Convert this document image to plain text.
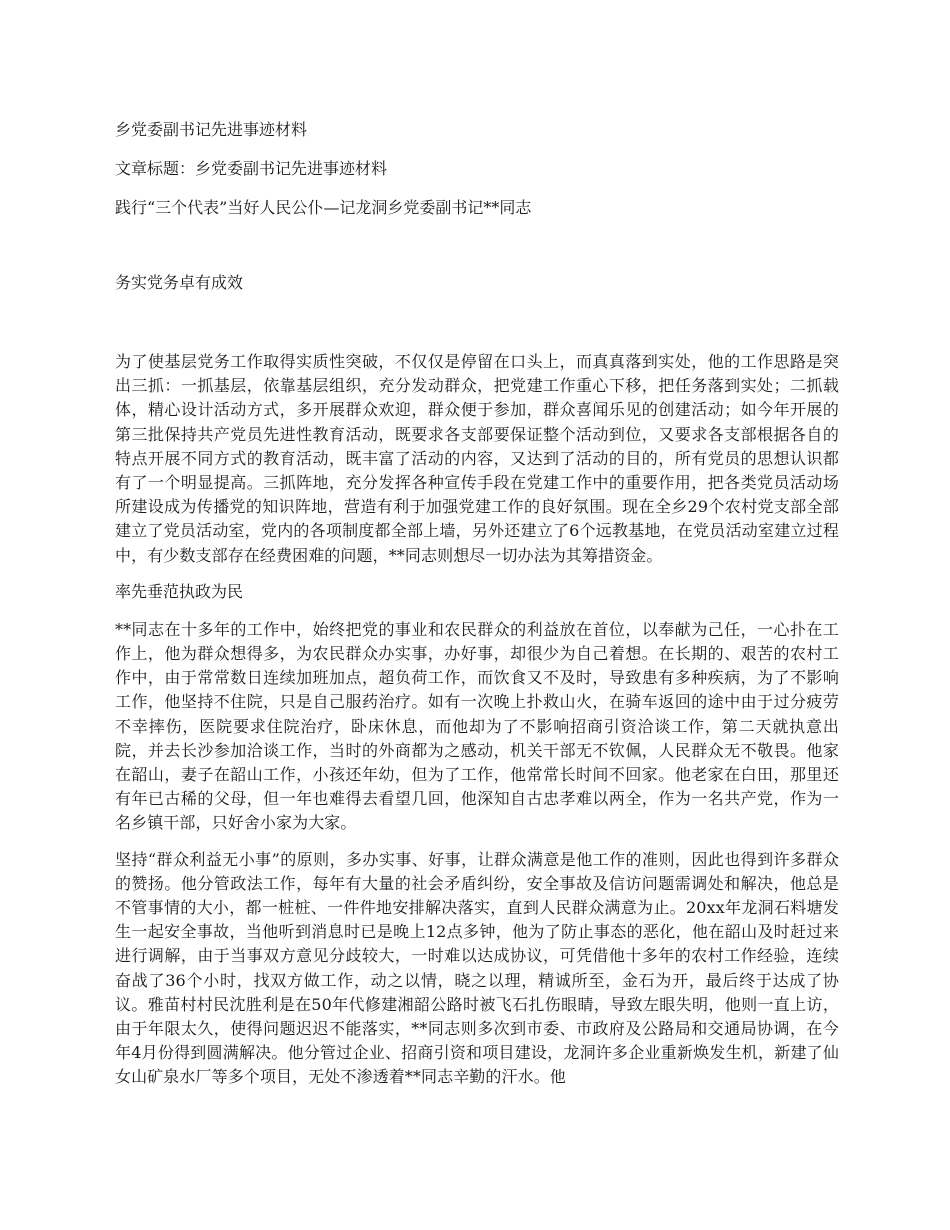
乡党委副书记先进事迹材料

文章标题：乡党委副书记先进事迹材料

践行“三个代表”当好人民公仆—记龙洞乡党委副书记**同志

务实党务卓有成效

为了使基层党务工作取得实质性突破，不仅仅是停留在口头上，而真真落到实处，他的工作思路是突出三抓：一抓基层，依靠基层组织，充分发动群众，把党建工作重心下移，把任务落到实处；二抓载体，精心设计活动方式，多开展群众欢迎，群众便于参加，群众喜闻乐见的创建活动；如今年开展的第三批保持共产党员先进性教育活动，既要求各支部要保证整个活动到位，又要求各支部根据各自的特点开展不同方式的教育活动，既丰富了活动的内容，又达到了活动的目的，所有党员的思想认识都有了一个明显提高。三抓阵地，充分发挥各种宣传手段在党建工作中的重要作用，把各类党员活动场所建设成为传播党的知识阵地，营造有利于加强党建工作的良好氛围。现在全乡29个农村党支部全部建立了党员活动室，党内的各项制度都全部上墙，另外还建立了6个远教基地，在党员活动室建立过程中，有少数支部存在经费困难的问题，**同志则想尽一切办法为其筹措资金。

率先垂范执政为民

**同志在十多年的工作中，始终把党的事业和农民群众的利益放在首位，以奉献为己任，一心扑在工作上，他为群众想得多，为农民群众办实事，办好事，却很少为自己着想。在长期的、艰苦的农村工作中，由于常常数日连续加班加点，超负荷工作，而饮食又不及时，导致患有多种疾病，为了不影响工作，他坚持不住院，只是自己服药治疗。如有一次晚上扑救山火，在骑车返回的途中由于过分疲劳不幸摔伤，医院要求住院治疗，卧床休息，而他却为了不影响招商引资洽谈工作，第二天就执意出院，并去长沙参加洽谈工作，当时的外商都为之感动，机关干部无不钦佩，人民群众无不敬畏。他家在韶山，妻子在韶山工作，小孩还年幼，但为了工作，他常常长时间不回家。他老家在白田，那里还有年已古稀的父母，但一年也难得去看望几回，他深知自古忠孝难以两全，作为一名共产党，作为一名乡镇干部，只好舍小家为大家。

坚持“群众利益无小事”的原则，多办实事、好事，让群众满意是他工作的准则，因此也得到许多群众的赞扬。他分管政法工作，每年有大量的社会矛盾纠纷，安全事故及信访问题需调处和解决，他总是不管事情的大小，都一桩桩、一件件地安排解决落实，直到人民群众满意为止。20xx年龙洞石料塘发生一起安全事故，当他听到消息时已是晚上12点多钟，他为了防止事态的恶化，他在韶山及时赶过来进行调解，由于当事双方意见分歧较大，一时难以达成协议，可凭借他十多年的农村工作经验，连续奋战了36个小时，找双方做工作，动之以情，晓之以理，精诚所至，金石为开，最后终于达成了协议。雅苗村村民沈胜利是在50年代修建湘韶公路时被飞石扎伤眼睛，导致左眼失明，他则一直上访，由于年限太久，使得问题迟迟不能落实，**同志则多次到市委、市政府及公路局和交通局协调，在今年4月份得到圆满解决。他分管过企业、招商引资和项目建设，龙洞许多企业重新焕发生机，新建了仙女山矿泉水厂等多个项目，无处不渗透着**同志辛勤的汗水。他
